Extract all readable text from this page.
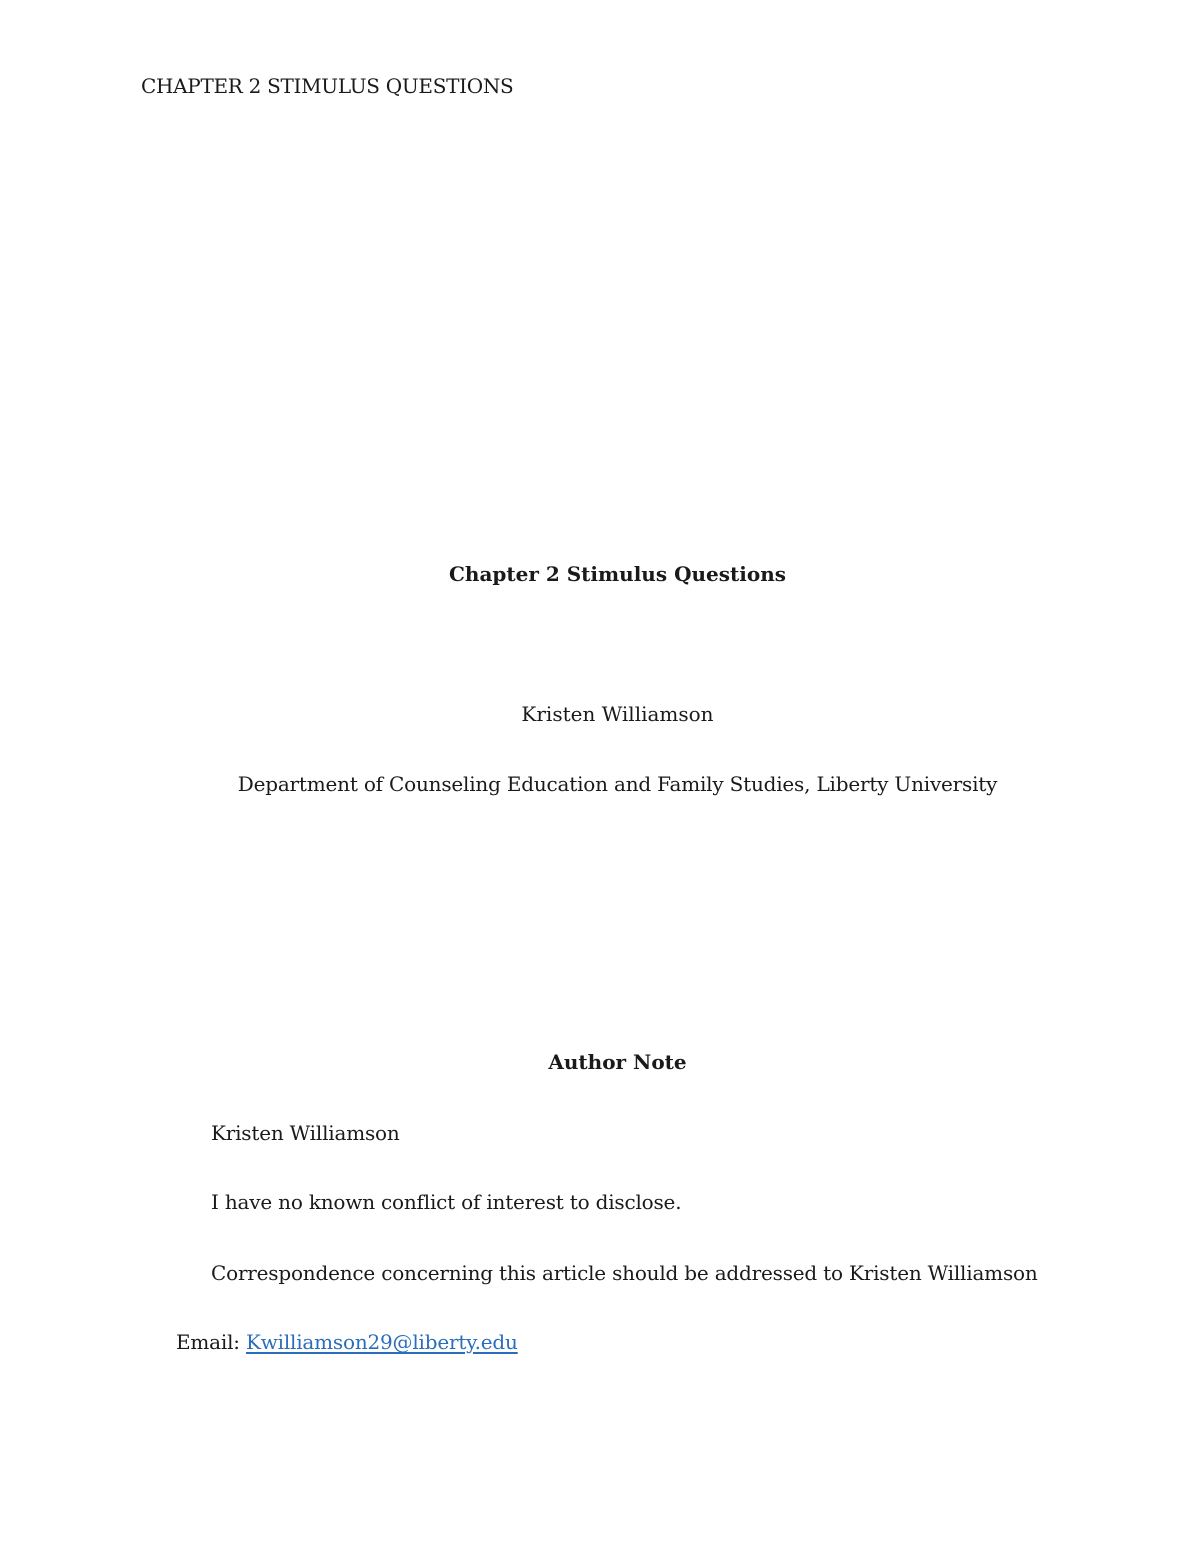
CHAPTER 2 STIMULUS QUESTIONS

Chapter 2 Stimulus Questions

Kristen Williamson

Department of Counseling Education and Family Studies, Liberty University

Author Note

Kristen Williamson

I have no known conflict of interest to disclose.

Correspondence concerning this article should be addressed to Kristen Williamson

Email: Kwilliamson29@liberty.edu
